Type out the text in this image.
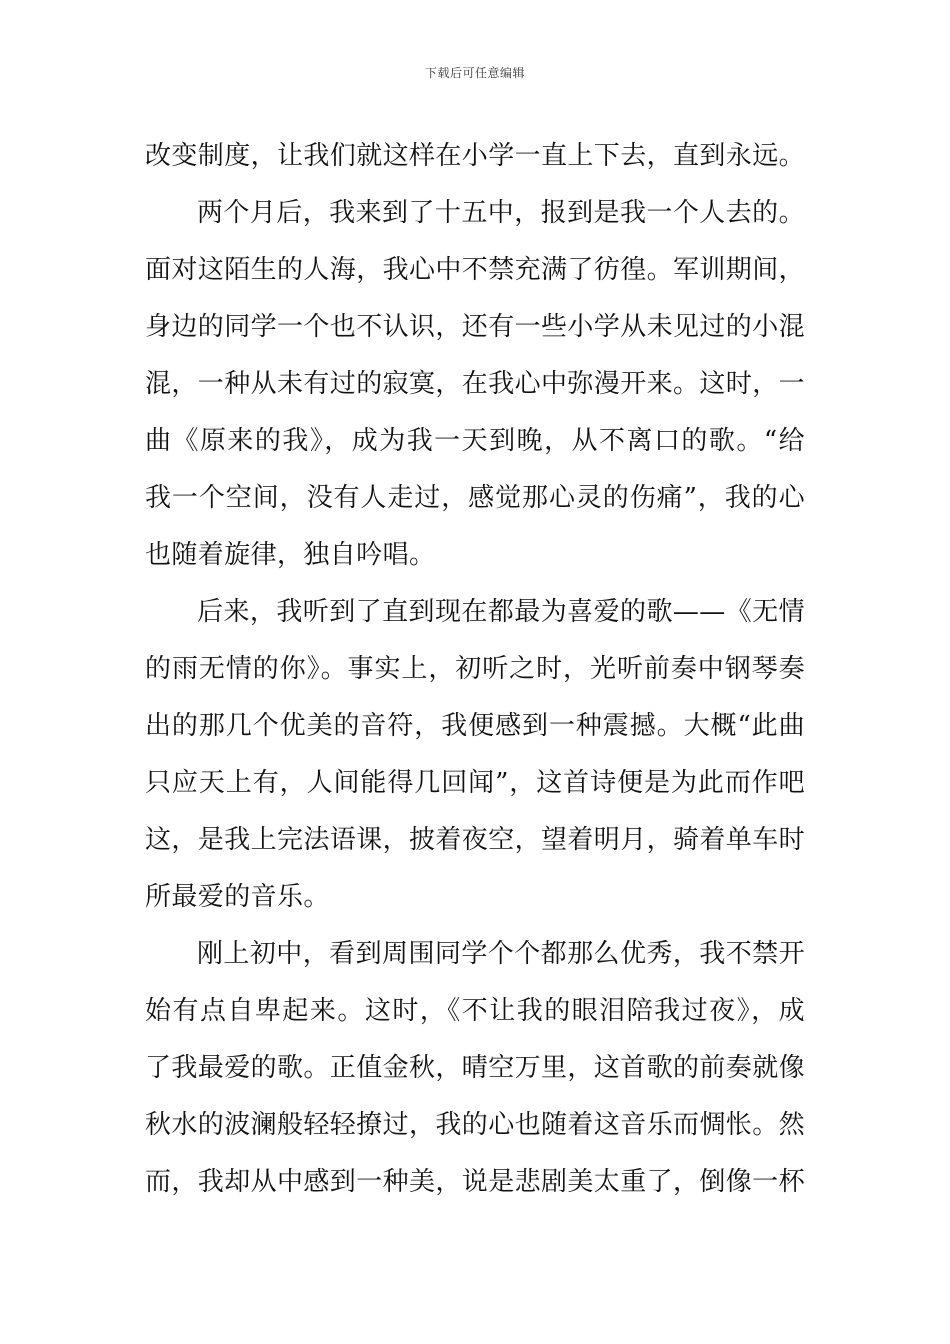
下载后可任意编辑
改变制度，让我们就这样在小学一直上下去，直到永远。
两个月后，我来到了十五中，报到是我一个人去的。
面对这陌生的人海，我心中不禁充满了彷徨。军训期间，
身边的同学一个也不认识，还有一些小学从未见过的小混
混，一种从未有过的寂寞，在我心中弥漫开来。这时，一
曲《原来的我》，成为我一天到晚，从不离口的歌。“给
我一个空间，没有人走过，感觉那心灵的伤痛”，我的心
也随着旋律，独自吟唱。
后来，我听到了直到现在都最为喜爱的歌——《无情
的雨无情的你》。事实上，初听之时，光听前奏中钢琴奏
出的那几个优美的音符，我便感到一种震撼。大概“此曲
只应天上有，人间能得几回闻”，这首诗便是为此而作吧
这，是我上完法语课，披着夜空，望着明月，骑着单车时
所最爱的音乐。
刚上初中，看到周围同学个个都那么优秀，我不禁开
始有点自卑起来。这时，《不让我的眼泪陪我过夜》，成
了我最爱的歌。正值金秋，晴空万里，这首歌的前奏就像
秋水的波澜般轻轻撩过，我的心也随着这音乐而惆怅。然
而，我却从中感到一种美，说是悲剧美太重了，倒像一杯
